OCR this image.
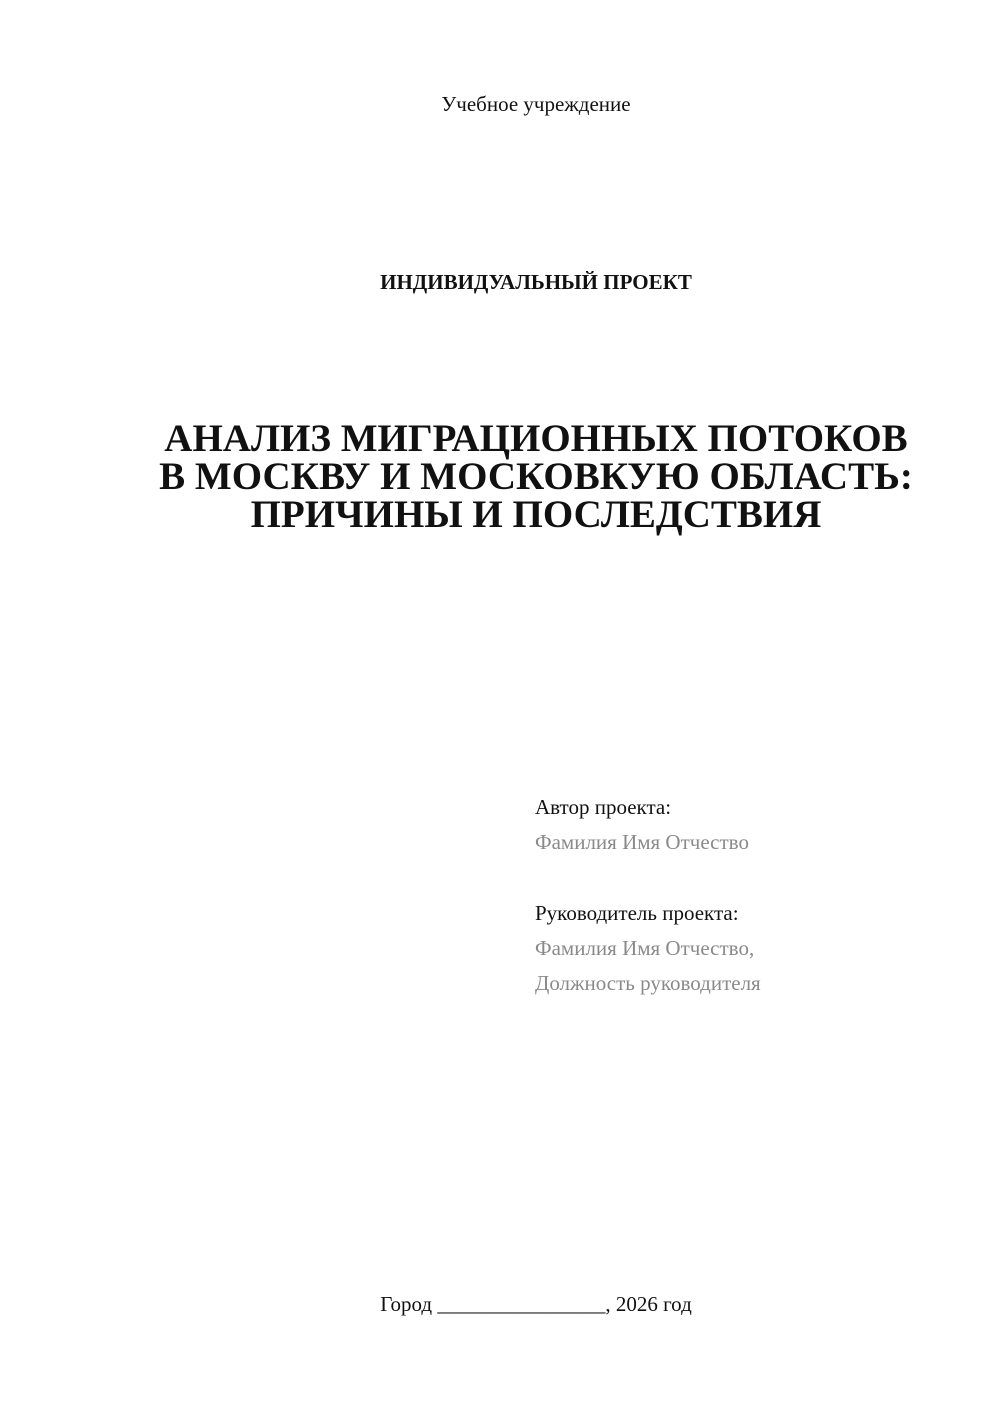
Учебное учреждение
ИНДИВИДУАЛЬНЫЙ ПРОЕКТ
АНАЛИЗ МИГРАЦИОННЫХ ПОТОКОВ
В МОСКВУ И МОСКОВКУЮ ОБЛАСТЬ:
ПРИЧИНЫ И ПОСЛЕДСТВИЯ
Автор проекта:
Фамилия Имя Отчество
Руководитель проекта:
Фамилия Имя Отчество,
Должность руководителя
Город ________________, 2026 год
